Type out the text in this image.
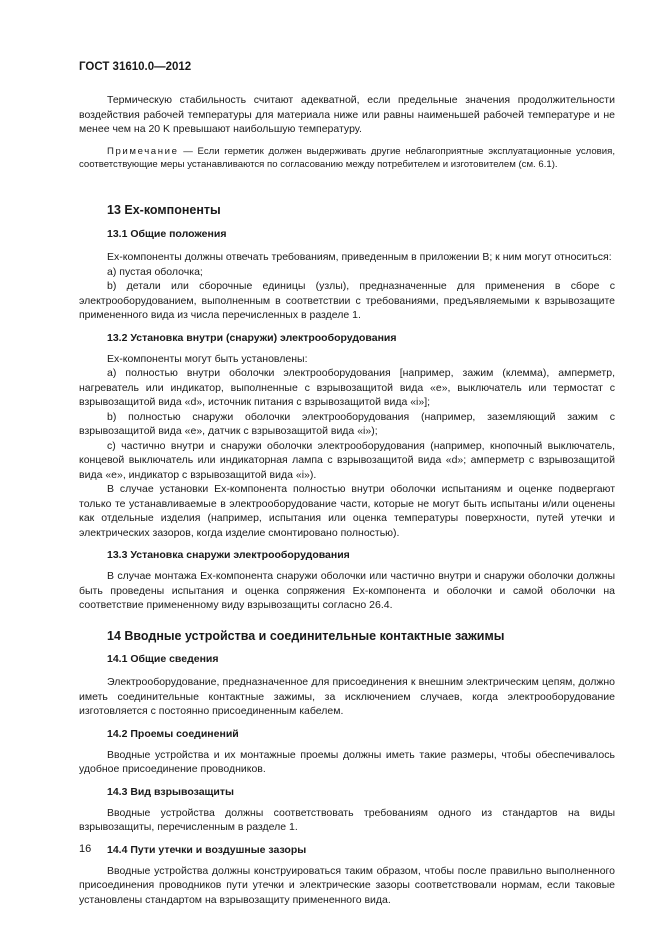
ГОСТ 31610.0—2012

Термическую стабильность считают адекватной, если предельные значения продолжительности воздействия рабочей температуры для материала ниже или равны наименьшей рабочей температуре и не менее чем на 20 K превышают наибольшую температуру.

Примечание — Если герметик должен выдерживать другие неблагоприятные эксплуатационные условия, соответствующие меры устанавливаются по согласованию между потребителем и изготовителем (см. 6.1).

13 Ex-компоненты
13.1 Общие положения

Ex-компоненты должны отвечать требованиям, приведенным в приложении В; к ним могут относиться:

а) пустая оболочка;

b) детали или сборочные единицы (узлы), предназначенные для применения в сборе с электрооборудованием, выполненным в соответствии с требованиями, предъявляемыми к взрывозащите примененного вида из числа перечисленных в разделе 1.

13.2 Установка внутри (снаружи) электрооборудования

Ex-компоненты могут быть установлены:

а) полностью внутри оболочки электрооборудования [например, зажим (клемма), амперметр, нагреватель или индикатор, выполненные с взрывозащитой вида «е», выключатель или термостат с взрывозащитой вида «d», источник питания с взрывозащитой вида «i»];

b) полностью снаружи оболочки электрооборудования (например, заземляющий зажим с взрывозащитой вида «е», датчик с взрывозащитой вида «i»);

с) частично внутри и снаружи оболочки электрооборудования (например, кнопочный выключатель, концевой выключатель или индикаторная лампа с взрывозащитой вида «d»; амперметр с взрывозащитой вида «е», индикатор с взрывозащитой вида «i»).

В случае установки Ex-компонента полностью внутри оболочки испытаниям и оценке подвергают только те устанавливаемые в электрооборудование части, которые не могут быть испытаны и/или оценены как отдельные изделия (например, испытания или оценка температуры поверхности, путей утечки и электрических зазоров, когда изделие смонтировано полностью).

13.3 Установка снаружи электрооборудования

В случае монтажа Ex-компонента снаружи оболочки или частично внутри и снаружи оболочки должны быть проведены испытания и оценка сопряжения Ex-компонента и оболочки и самой оболочки на соответствие примененному виду взрывозащиты согласно 26.4.

14 Вводные устройства и соединительные контактные зажимы
14.1 Общие сведения

Электрооборудование, предназначенное для присоединения к внешним электрическим цепям, должно иметь соединительные контактные зажимы, за исключением случаев, когда электрооборудование изготовляется с постоянно присоединенным кабелем.

14.2 Проемы соединений

Вводные устройства и их монтажные проемы должны иметь такие размеры, чтобы обеспечивалось удобное присоединение проводников.

14.3 Вид взрывозащиты

Вводные устройства должны соответствовать требованиям одного из стандартов на виды взрывозащиты, перечисленным в разделе 1.

14.4 Пути утечки и воздушные зазоры

Вводные устройства должны конструироваться таким образом, чтобы после правильно выполненного присоединения проводников пути утечки и электрические зазоры соответствовали нормам, если таковые установлены стандартом на взрывозащиту примененного вида.

16
